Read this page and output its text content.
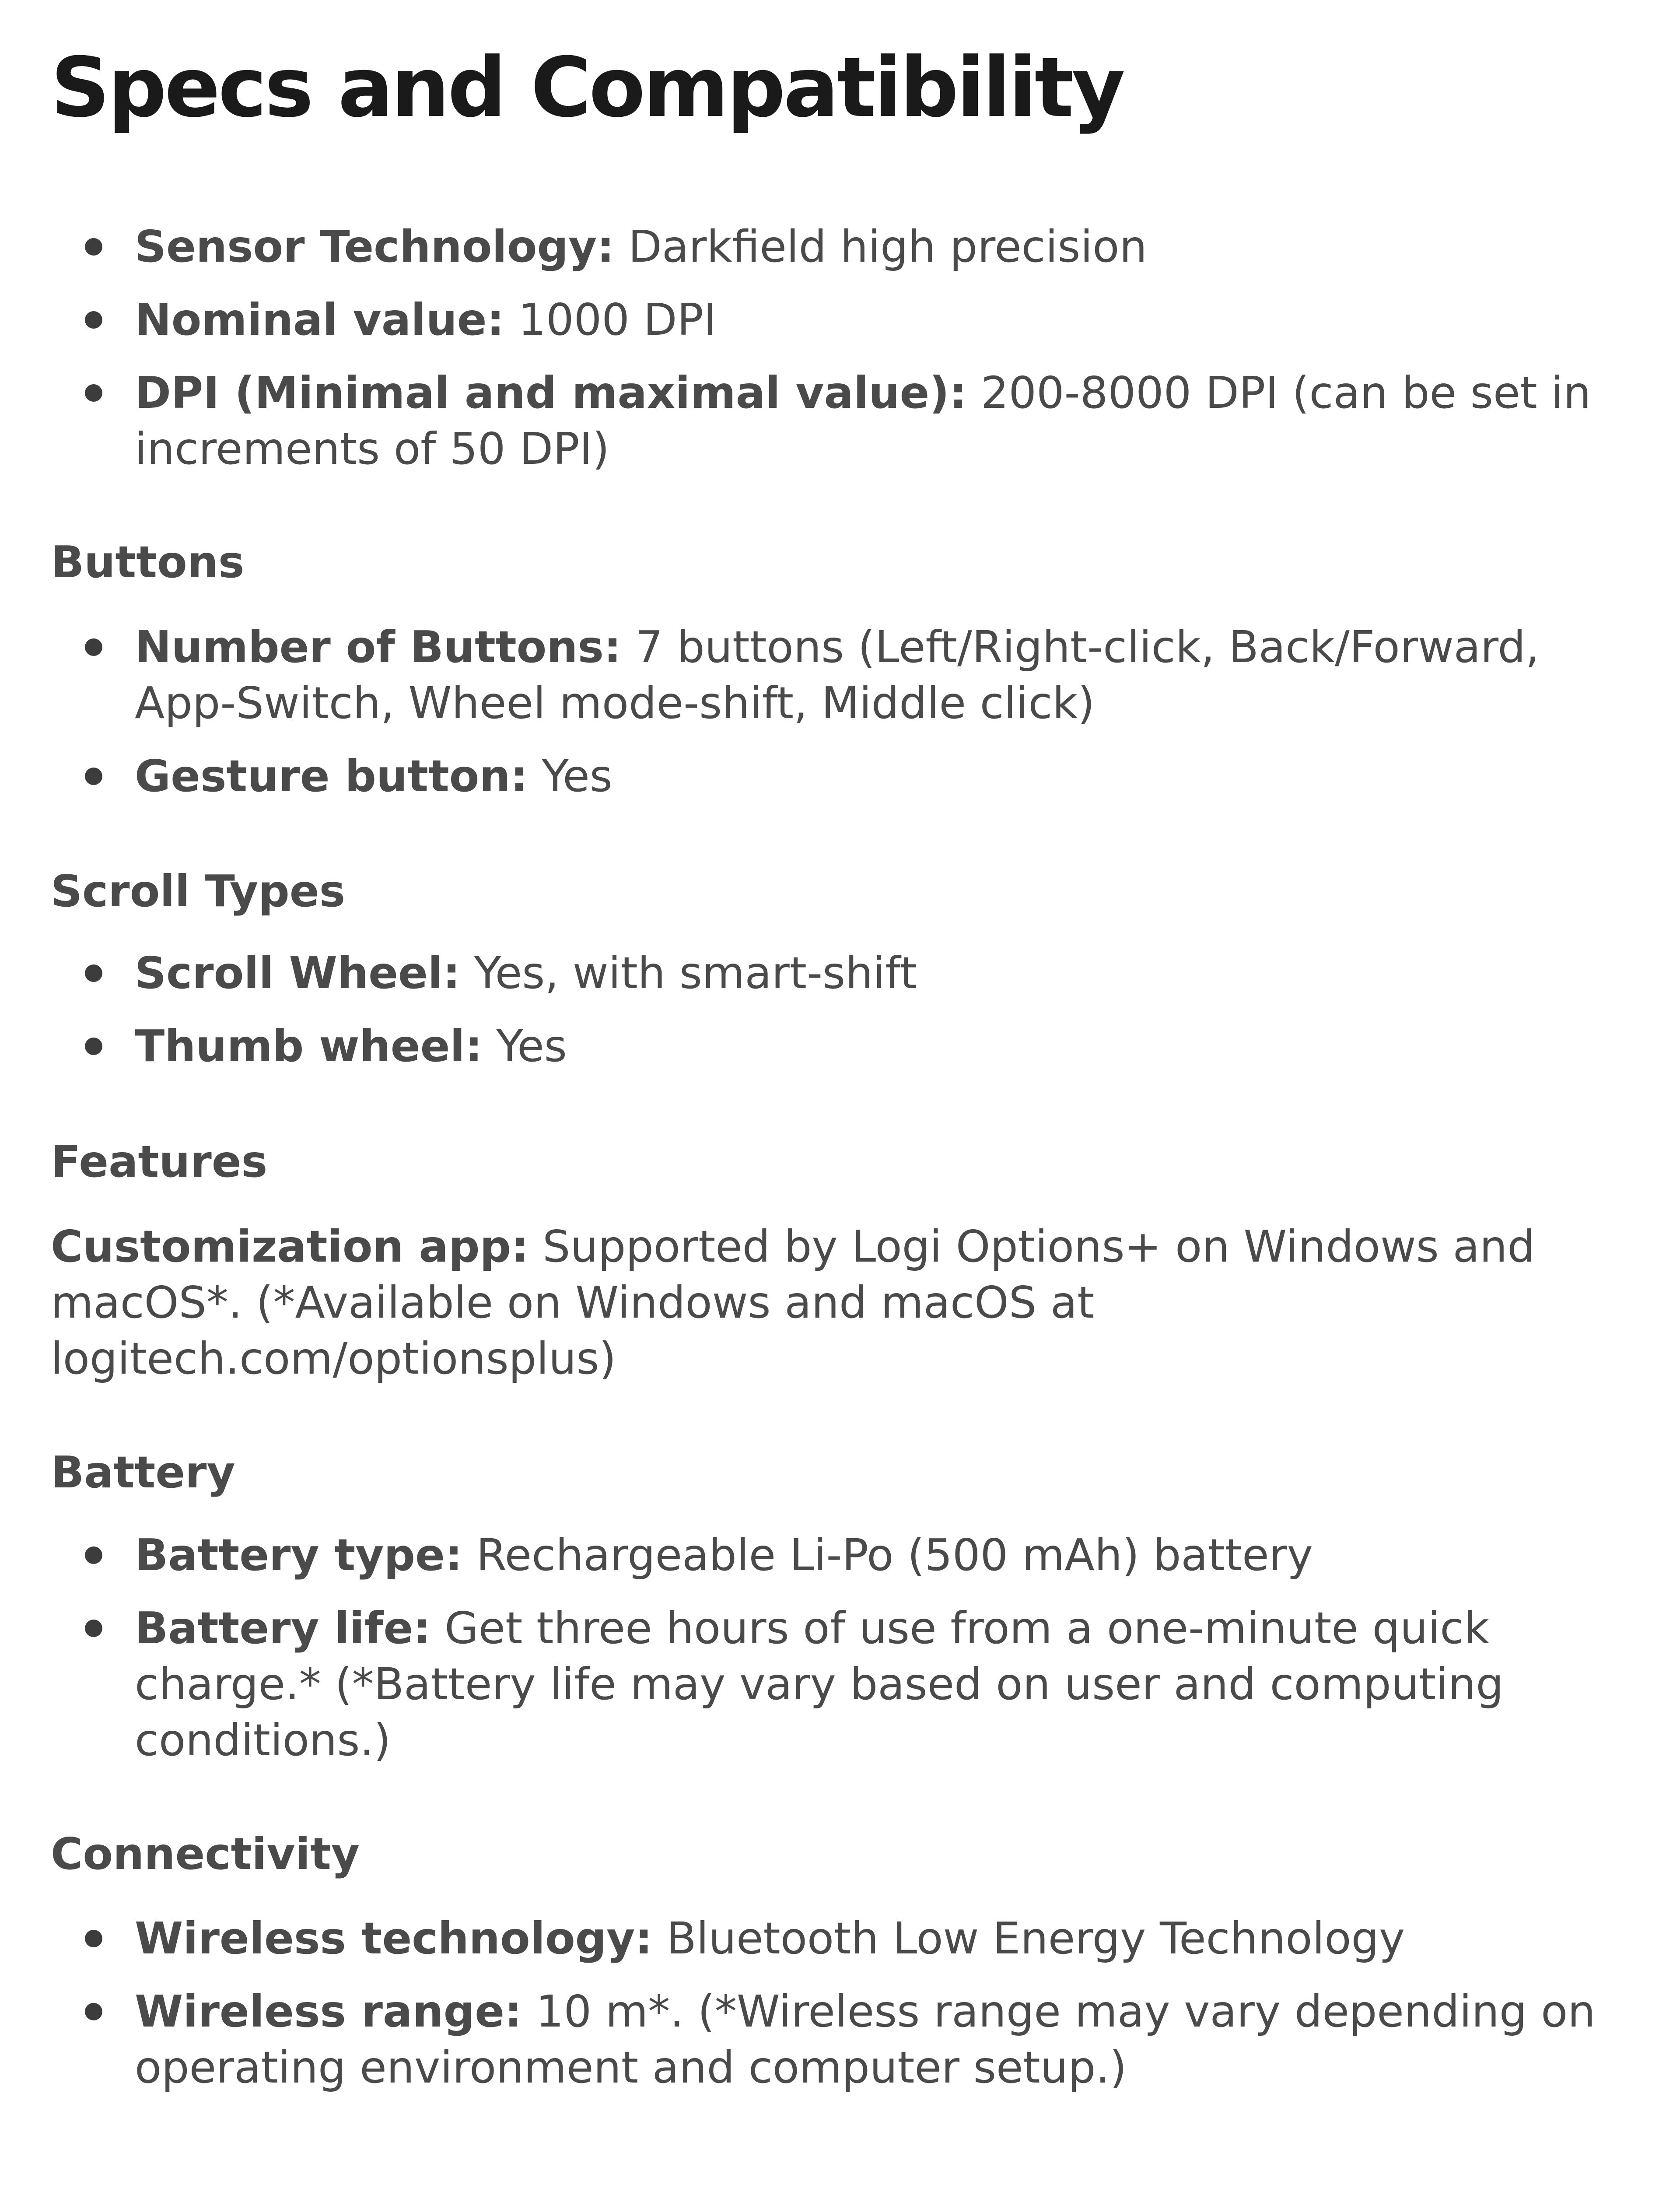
Specs and Compatibility
Sensor Technology: Darkfield high precision
Nominal value: 1000 DPI
DPI (Minimal and maximal value): 200-8000 DPI (can be set in increments of 50 DPI)
Buttons
Number of Buttons: 7 buttons (Left/Right-click, Back/Forward, App-Switch, Wheel mode-shift, Middle click)
Gesture button: Yes
Scroll Types
Scroll Wheel: Yes, with smart-shift
Thumb wheel: Yes
Features

Customization app: Supported by Logi Options+ on Windows and macOS*. (*Available on Windows and macOS at logitech.com/optionsplus)

Battery
Battery type: Rechargeable Li-Po (500 mAh) battery
Battery life: Get three hours of use from a one-minute quick charge.* (*Battery life may vary based on user and computing conditions.)
Connectivity
Wireless technology: Bluetooth Low Energy Technology
Wireless range: 10 m*. (*Wireless range may vary depending on operating environment and computer setup.)
